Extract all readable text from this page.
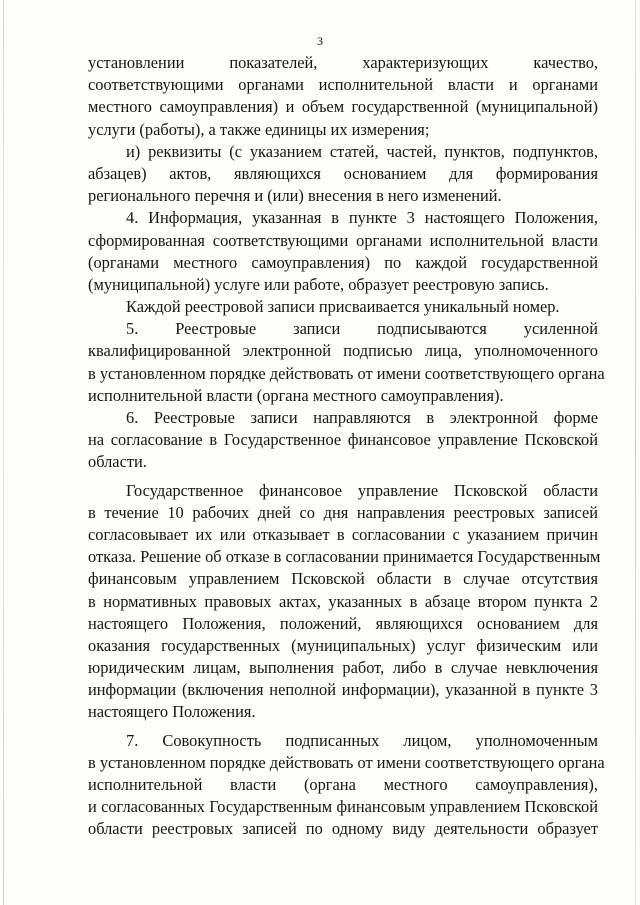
3
установлении показателей, характеризующих качество,
соответствующими органами исполнительной власти и органами
местного самоуправления) и объем государственной (муниципальной)
услуги (работы), а также единицы их измерения;
и) реквизиты (с указанием статей, частей, пунктов, подпунктов,
абзацев) актов, являющихся основанием для формирования
регионального перечня и (или) внесения в него изменений.
4. Информация, указанная в пункте 3 настоящего Положения,
сформированная соответствующими органами исполнительной власти
(органами местного самоуправления) по каждой государственной
(муниципальной) услуге или работе, образует реестровую запись.
Каждой реестровой записи присваивается уникальный номер.
5. Реестровые записи подписываются усиленной
квалифицированной электронной подписью лица, уполномоченного
в установленном порядке действовать от имени соответствующего органа
исполнительной власти (органа местного самоуправления).
6. Реестровые записи направляются в электронной форме
на согласование в Государственное финансовое управление Псковской
области.
Государственное финансовое управление Псковской области
в течение 10 рабочих дней со дня направления реестровых записей
согласовывает их или отказывает в согласовании с указанием причин
отказа. Решение об отказе в согласовании принимается Государственным
финансовым управлением Псковской области в случае отсутствия
в нормативных правовых актах, указанных в абзаце втором пункта 2
настоящего Положения, положений, являющихся основанием для
оказания государственных (муниципальных) услуг физическим или
юридическим лицам, выполнения работ, либо в случае невключения
информации (включения неполной информации), указанной в пункте 3
настоящего Положения.
7. Совокупность подписанных лицом, уполномоченным
в установленном порядке действовать от имени соответствующего органа
исполнительной власти (органа местного самоуправления),
и согласованных Государственным финансовым управлением Псковской
области реестровых записей по одному виду деятельности образует
